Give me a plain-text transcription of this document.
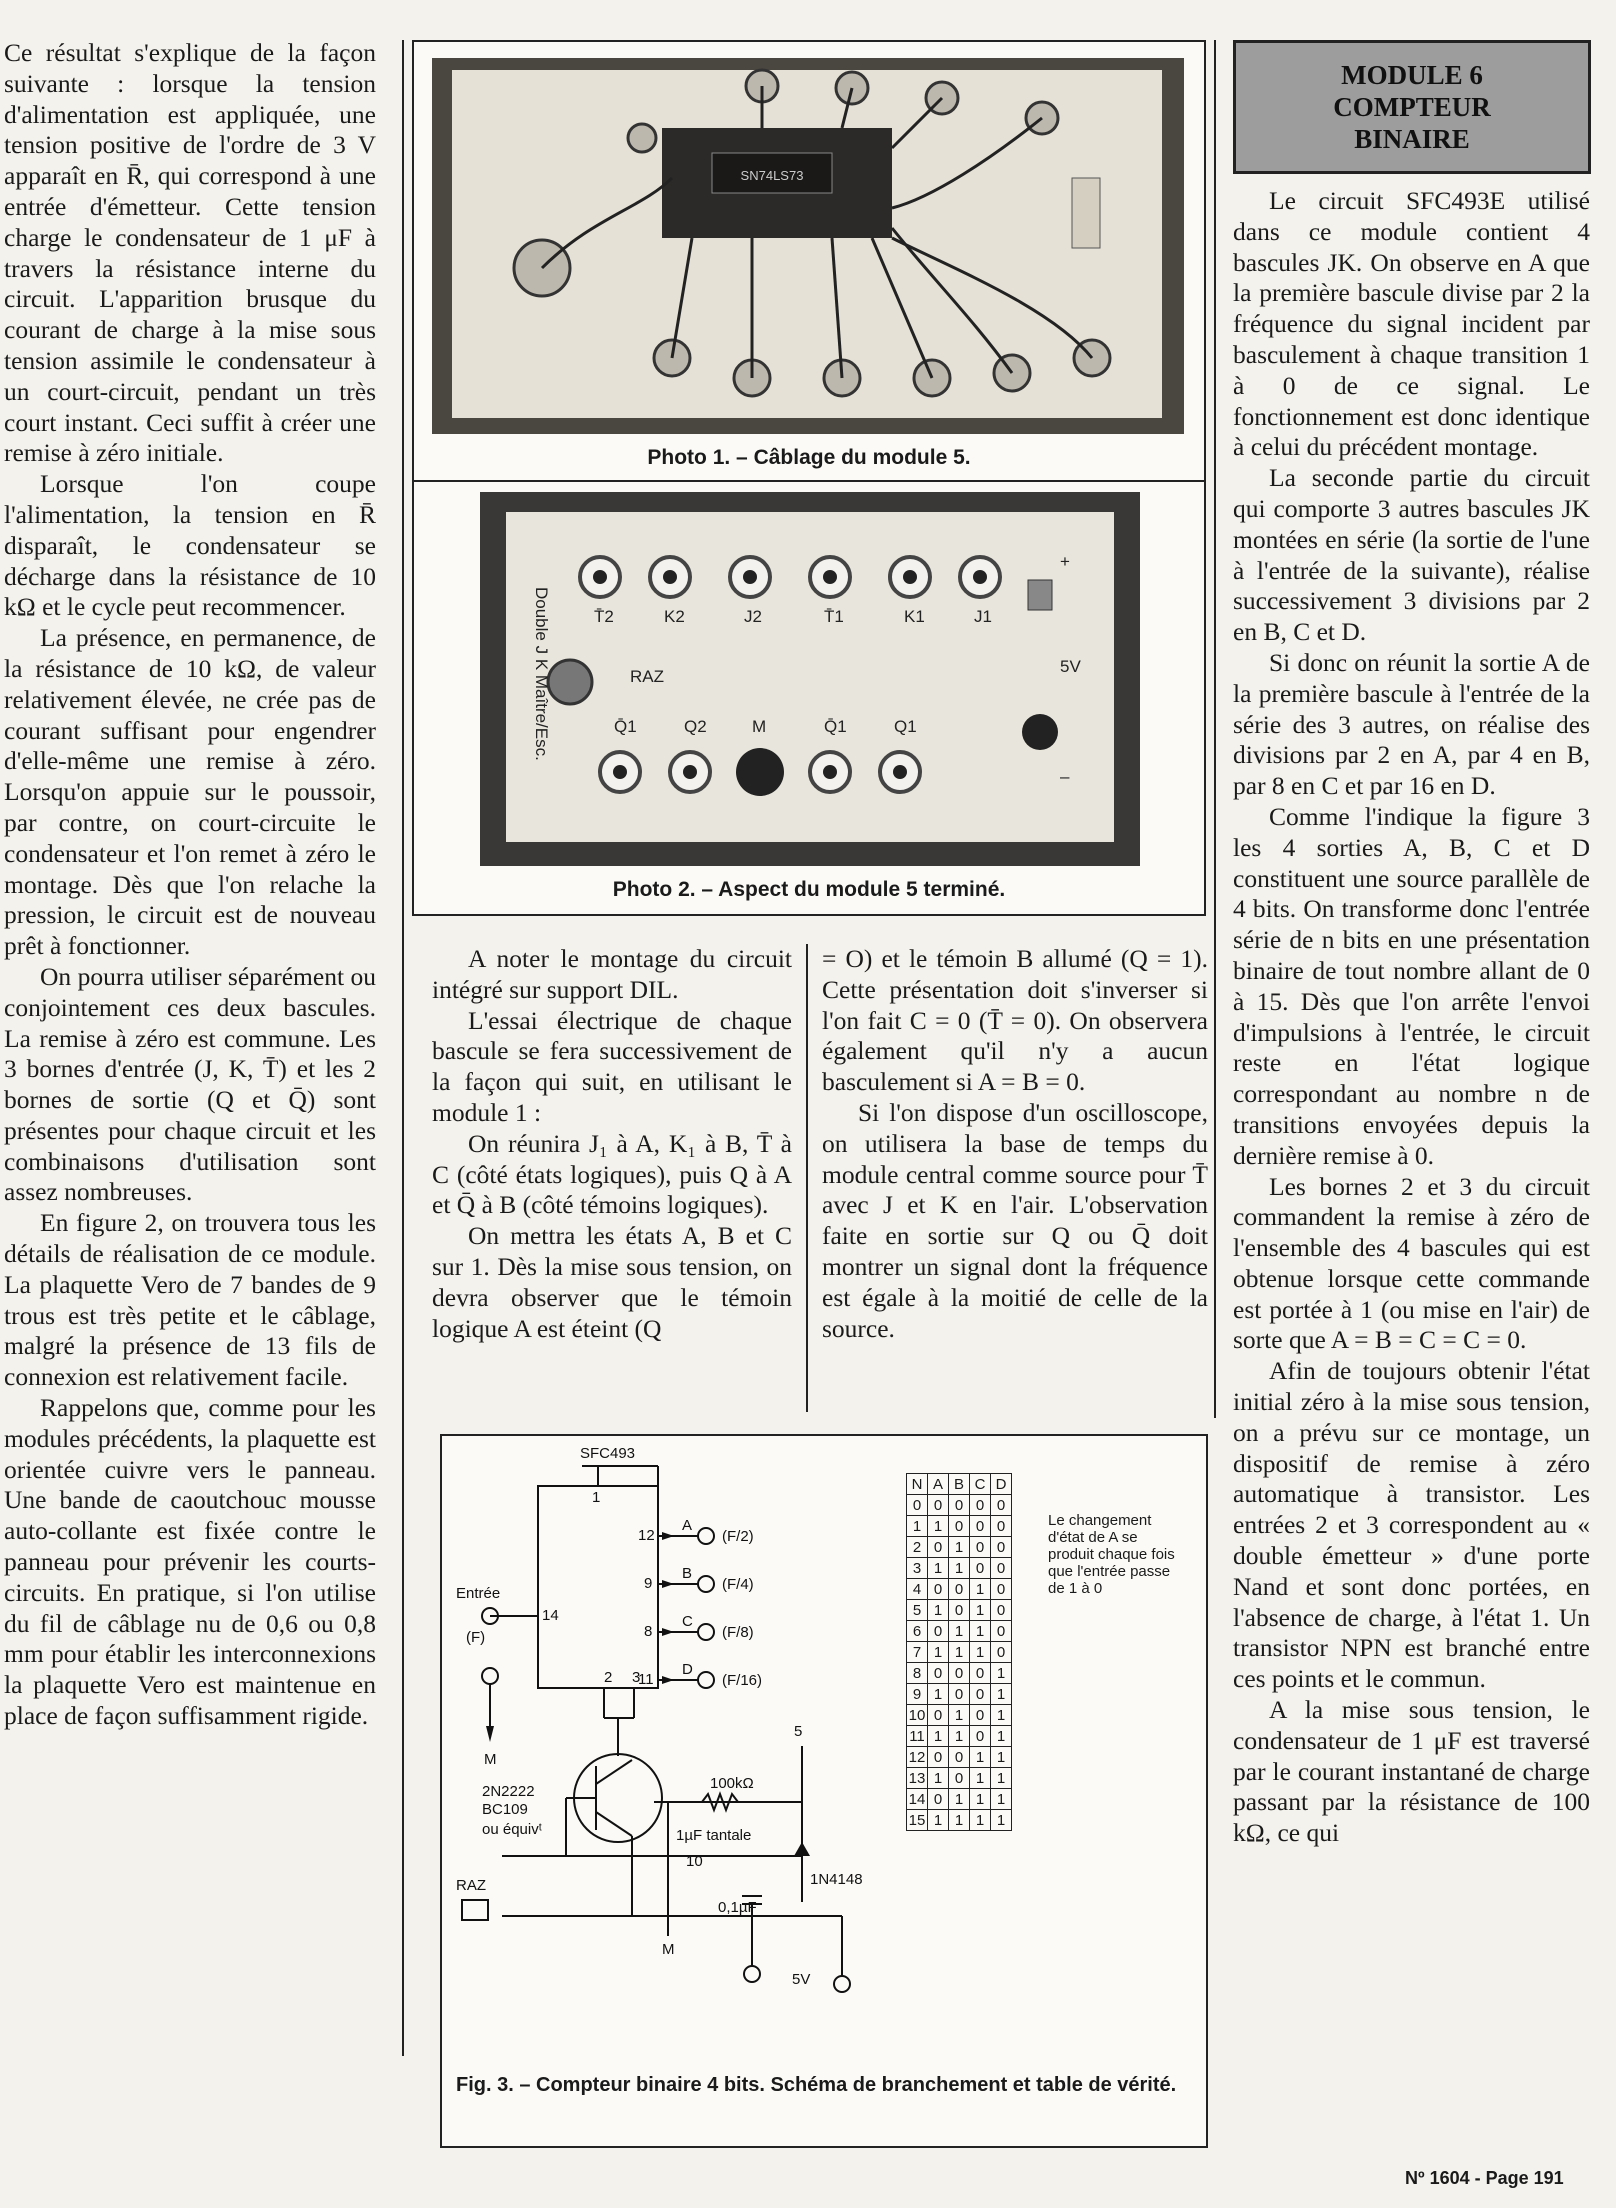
Ce résultat s'explique de la façon suivante : lorsque la tension d'alimentation est appliquée, une tension positive de l'ordre de 3 V apparaît en R̄, qui correspond à une entrée d'émetteur. Cette tension charge le condensateur de 1 μF à travers la résistance interne du circuit. L'apparition brusque du courant de charge à la mise sous tension assimile le condensateur à un court-circuit, pendant un très court instant. Ceci suffit à créer une remise à zéro initiale.

Lorsque l'on coupe l'alimentation, la tension en R̄ disparaît, le condensateur se décharge dans la résistance de 10 kΩ et le cycle peut recommencer.

La présence, en permanence, de la résistance de 10 kΩ, de valeur relativement élevée, ne crée pas de courant suffisant pour engendrer d'elle-même une remise à zéro. Lorsqu'on appuie sur le poussoir, par contre, on court-circuite le condensateur et l'on remet à zéro le montage. Dès que l'on relache la pression, le circuit est de nouveau prêt à fonctionner.

On pourra utiliser séparément ou conjointement ces deux bascules. La remise à zéro est commune. Les 3 bornes d'entrée (J, K, T̄) et les 2 bornes de sortie (Q et Q̄) sont présentes pour chaque circuit et les combinaisons d'utilisation sont assez nombreuses.

En figure 2, on trouvera tous les détails de réalisation de ce module. La plaquette Vero de 7 bandes de 9 trous est très petite et le câblage, malgré la présence de 13 fils de connexion est relativement facile.

Rappelons que, comme pour les modules précédents, la plaquette est orientée cuivre vers le panneau. Une bande de caoutchouc mousse auto-collante est fixée contre le panneau pour prévenir les courts-circuits. En pratique, si l'on utilise du fil de câblage nu de 0,6 ou 0,8 mm pour établir les interconnexions la plaquette Vero est maintenue en place de façon suffisamment rigide.

SN74LS73
Photo 1. – Câblage du module 5.
T̄2	K2	J2	T̄1	K1	J1
Q̄1	Q2	M	Q̄1	Q1
RAZ
+
5V
–
Double J K Maître/Esc.
Photo 2. – Aspect du module 5 terminé.

A noter le montage du circuit intégré sur support DIL.

L'essai électrique de chaque bascule se fera successivement de la façon qui suit, en utilisant le module 1 :

On réunira J₁ à A, K₁ à B, T̄ à C (côté états logiques), puis Q à A et Q̄ à B (côté témoins logiques).

On mettra les états A, B et C sur 1. Dès la mise sous tension, on devra observer que le témoin logique A est éteint (Q

= O) et le témoin B allumé (Q = 1). Cette présentation doit s'inverser si l'on fait C = 0 (T̄ = 0). On observera également qu'il n'y a aucun basculement si A = B = 0.

Si l'on dispose d'un oscilloscope, on utilisera la base de temps du module central comme source pour T̄ avec J et K en l'air. L'observation faite en sortie sur Q ou Q̄ doit montrer un signal dont la fréquence est égale à la moitié de celle de la source.

MODULE 6
COMPTEUR
BINAIRE

Le circuit SFC493E utilisé dans ce module contient 4 bascules JK. On observe en A que la première bascule divise par 2 la fréquence du signal incident par basculement à chaque transition 1 à 0 de ce signal. Le fonctionnement est donc identique à celui du précédent montage.

La seconde partie du circuit qui comporte 3 autres bascules JK montées en série (la sortie de l'une à l'entrée de la suivante), réalise successivement 3 divisions par 2 en B, C et D.

Si donc on réunit la sortie A de la première bascule à l'entrée de la série des 3 autres, on réalise des divisions par 2 en A, par 4 en B, par 8 en C et par 16 en D.

Comme l'indique la figure 3 les 4 sorties A, B, C et D constituent une source parallèle de 4 bits. On transforme donc l'entrée série de n bits en une présentation binaire de tout nombre allant de 0 à 15. Dès que l'on arrête l'envoi d'impulsions à l'entrée, le circuit reste en l'état logique correspondant au nombre n de transitions envoyées depuis la dernière remise à 0.

Les bornes 2 et 3 du circuit commandent la remise à zéro de l'ensemble des 4 bascules qui est obtenue lorsque cette commande est portée à 1 (ou mise en l'air) de sorte que A = B = C = C = 0.

Afin de toujours obtenir l'état initial zéro à la mise sous tension, on a prévu sur ce montage, un dispositif de remise à zéro automatique à transistor. Les entrées 2 et 3 correspondent au « double émetteur » d'une porte Nand et sont donc portées, en l'absence de charge, à l'état 1. Un transistor NPN est branché entre ces points et le commun.

A la mise sous tension, le condensateur de 1 μF est traversé par le courant instantané de charge passant par la résistance de 100 kΩ, ce qui

SFC493
1
12
9
8
11
14
2 3
A
B
C
D
(F/2)
(F/4)
(F/8)
(F/16)
Entrée
(F)
M
2N2222
BC109
ou équivᵗ
100kΩ
1µF tantale
10
1N4148
0,1µF
5V
5
RAZ
M
Fig. 3. – Compteur binaire 4 bits. Schéma de branchement et table de vérité.
N	A	B	C	D
0	0	0	0	0
1	1	0	0	0
2	0	1	0	0
3	1	1	0	0
4	0	0	1	0
5	1	0	1	0
6	0	1	1	0
7	1	1	1	0
8	0	0	0	1
9	1	0	0	1
10	0	1	0	1
11	1	1	0	1
12	0	0	1	1
13	1	0	1	1
14	0	1	1	1
15	1	1	1	1
Le changement d'état de A se produit chaque fois que l'entrée passe de 1 à 0
Nº 1604 - Page 191
